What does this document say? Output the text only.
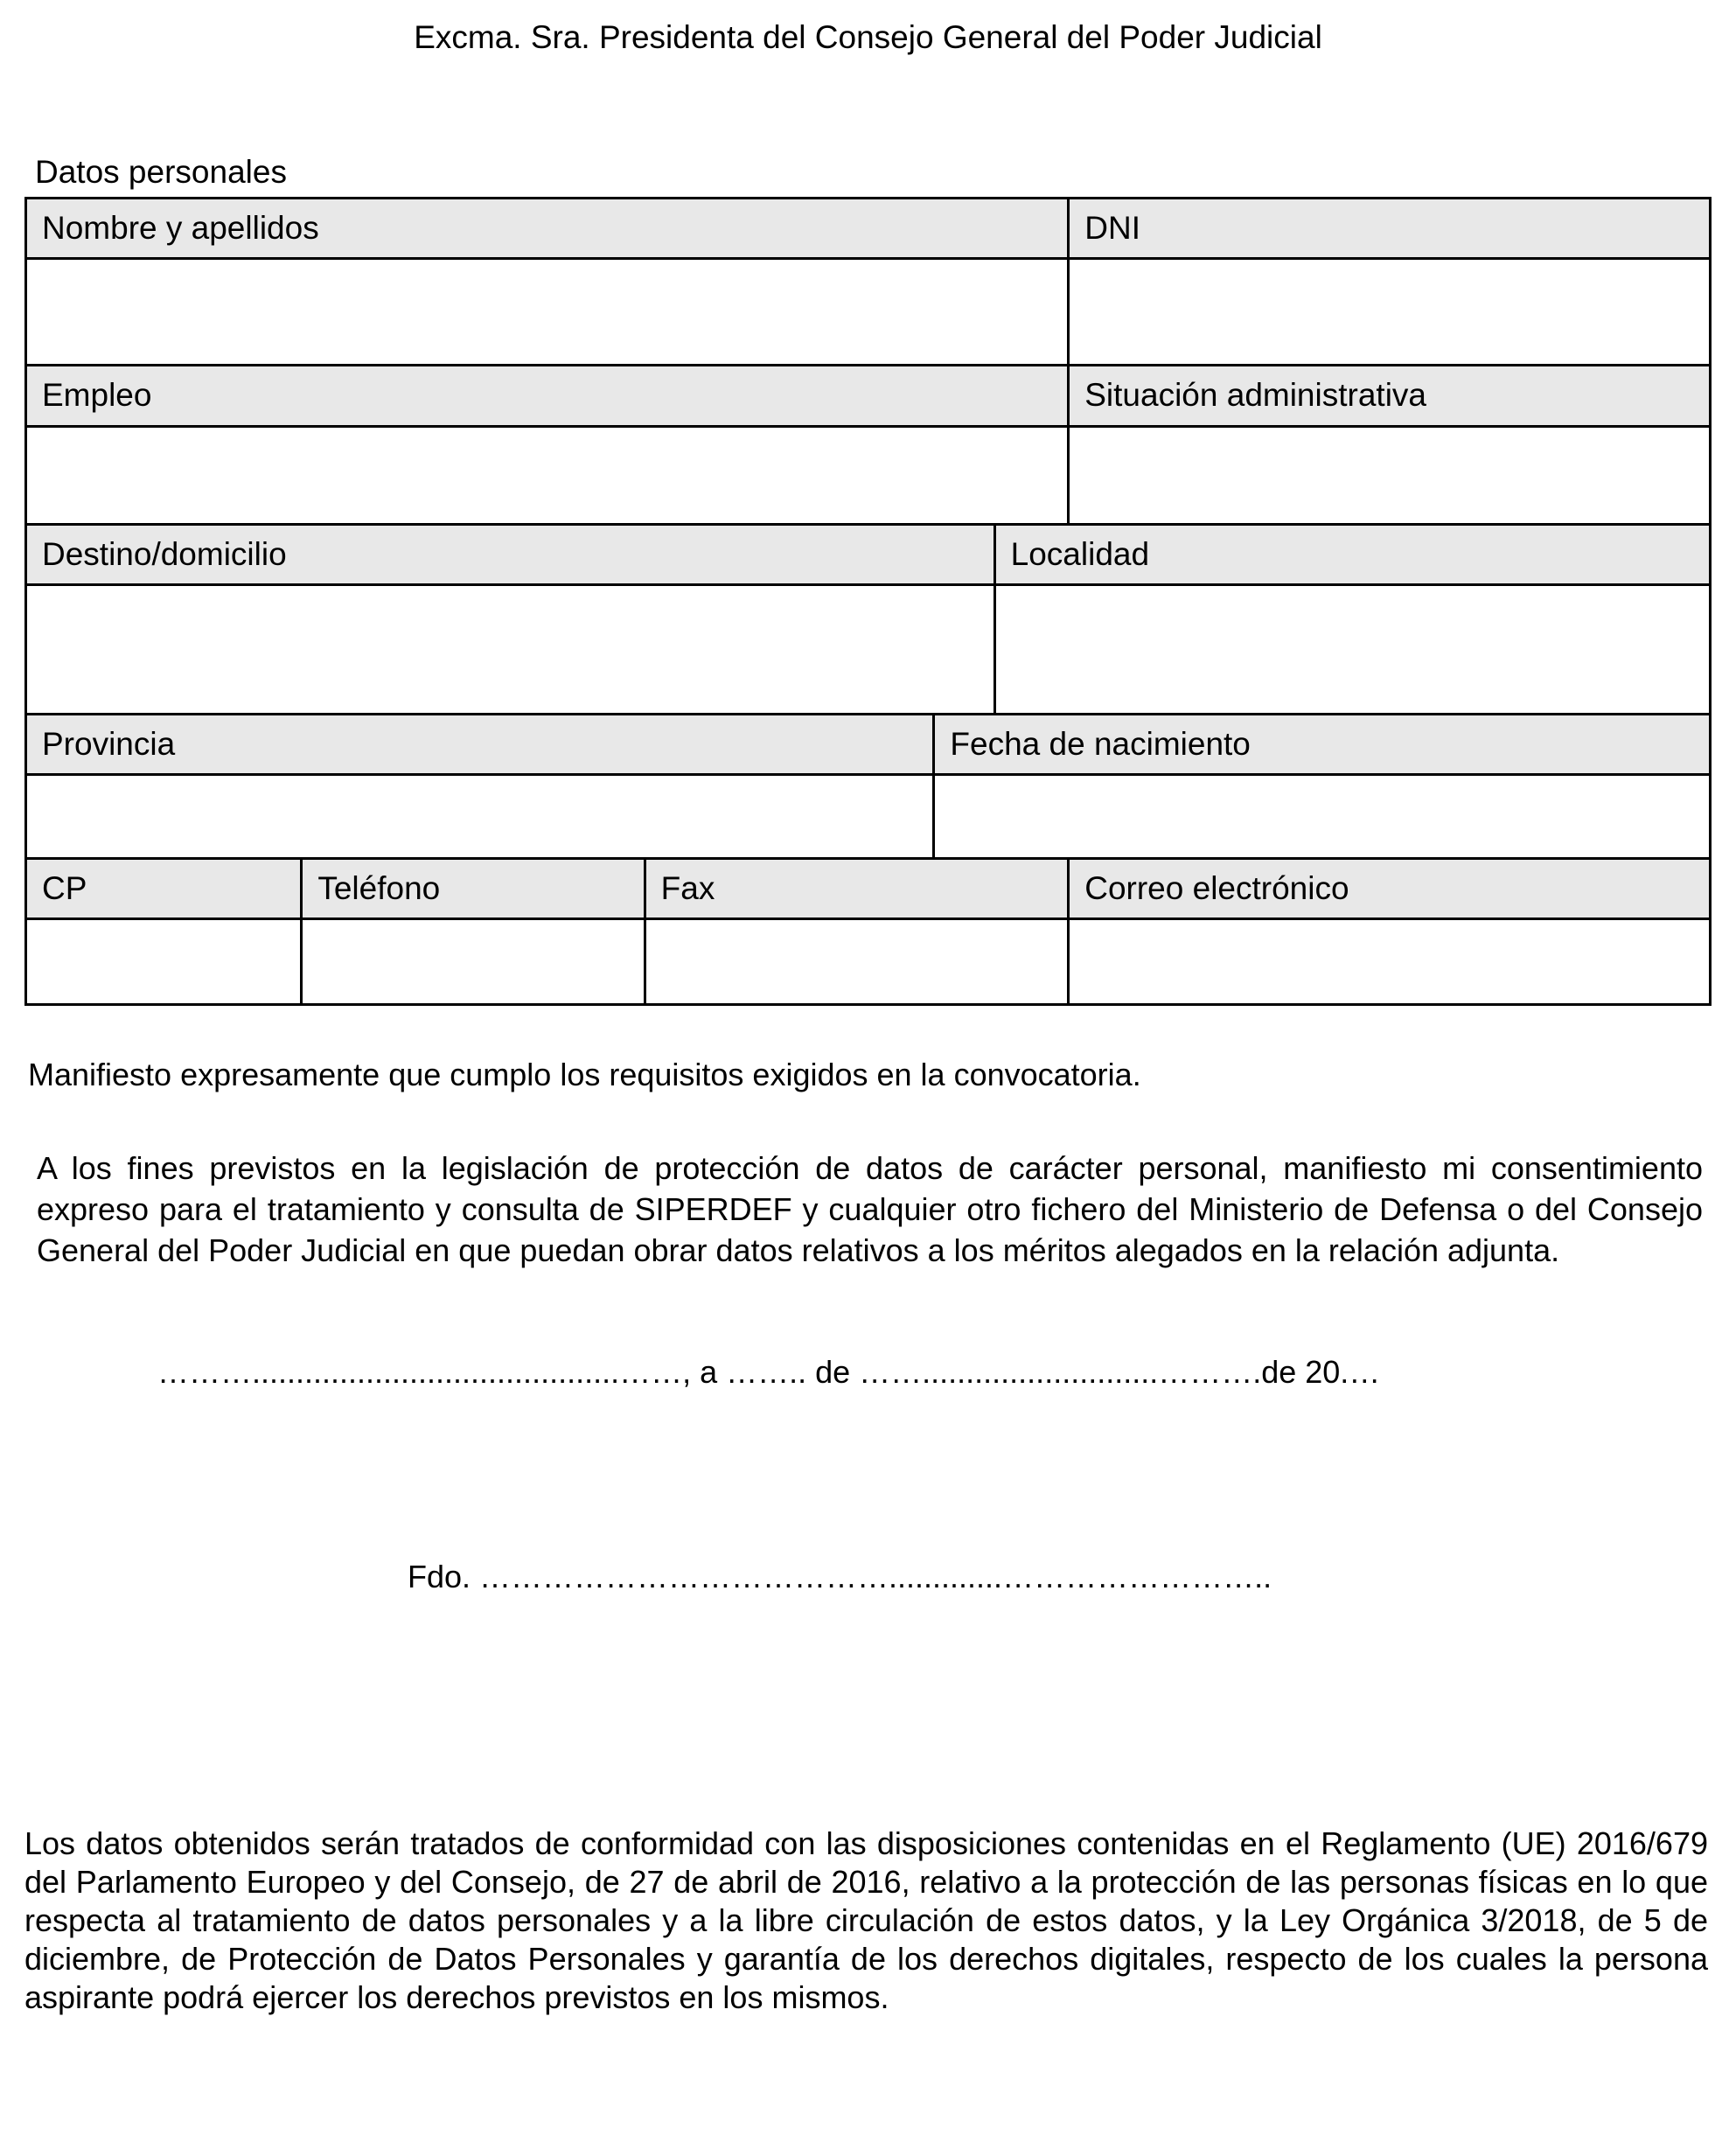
Excma. Sra. Presidenta del Consejo General del Poder Judicial
Datos personales
Nombre y apellidos	DNI
Empleo	Situación administrativa
Destino/domicilio	Localidad
Provincia	Fecha de nacimiento
CP	Teléfono	Fax	Correo electrónico

Manifiesto expresamente que cumplo los requisitos exigidos en la convocatoria.

A los fines previstos en la legislación de protección de datos de carácter personal, manifiesto mi consentimiento expreso para el tratamiento y consulta de SIPERDEF y cualquier otro fichero del Ministerio de Defensa o del Consejo General del Poder Judicial en que puedan obrar datos relativos a los méritos alegados en la relación adjunta.

………..........................................……, a …….. de ……...........................……….de 20.…
Fdo. ………………………………….............……………………..

Los datos obtenidos serán tratados de conformidad con las disposiciones contenidas en el Reglamento (UE) 2016/679 del Parlamento Europeo y del Consejo, de 27 de abril de 2016, relativo a la protección de las personas físicas en lo que respecta al tratamiento de datos personales y a la libre circulación de estos datos, y la Ley Orgánica 3/2018, de 5 de diciembre, de Protección de Datos Personales y garantía de los derechos digitales, respecto de los cuales la persona aspirante podrá ejercer los derechos previstos en los mismos.
